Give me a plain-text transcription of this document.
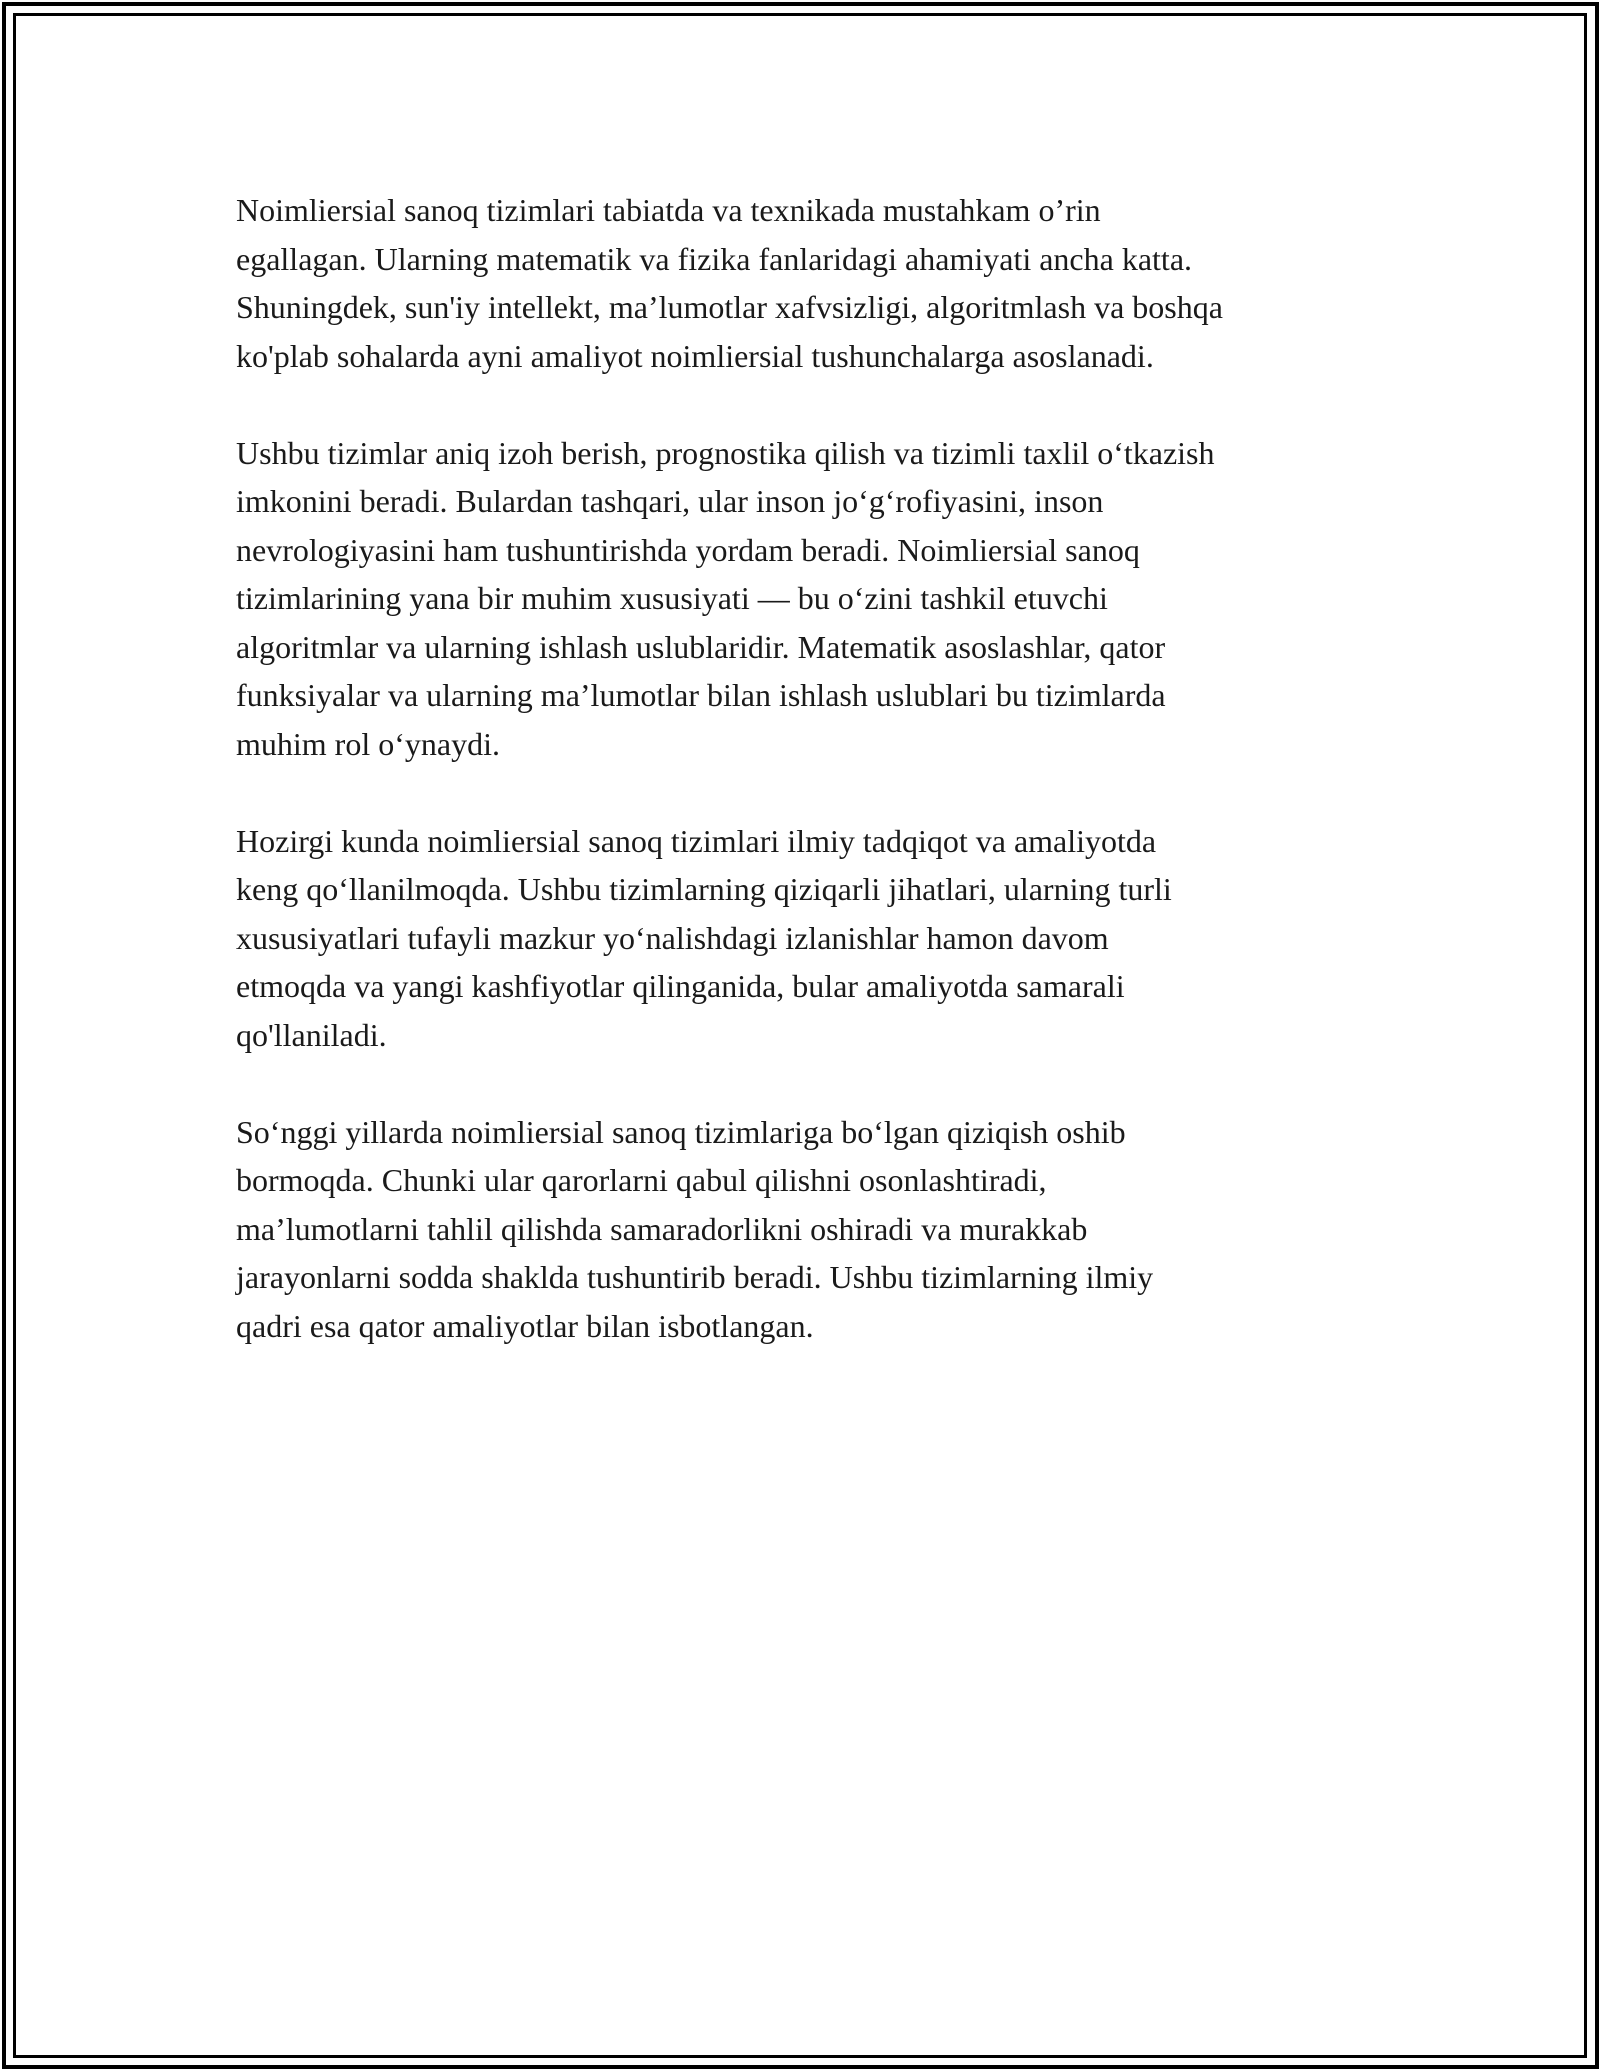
Noimliersial sanoq tizimlari tabiatda va texnikada mustahkam o’rin
egallagan. Ularning matematik va fizika fanlaridagi ahamiyati ancha katta.
Shuningdek, sun'iy intellekt, ma’lumotlar xafvsizligi, algoritmlash va boshqa
ko'plab sohalarda ayni amaliyot noimliersial tushunchalarga asoslanadi.

Ushbu tizimlar aniq izoh berish, prognostika qilish va tizimli taxlil o‘tkazish
imkonini beradi. Bulardan tashqari, ular inson jo‘g‘rofiyasini, inson
nevrologiyasini ham tushuntirishda yordam beradi. Noimliersial sanoq
tizimlarining yana bir muhim xususiyati — bu o‘zini tashkil etuvchi
algoritmlar va ularning ishlash uslublaridir. Matematik asoslashlar, qator
funksiyalar va ularning ma’lumotlar bilan ishlash uslublari bu tizimlarda
muhim rol o‘ynaydi.

Hozirgi kunda noimliersial sanoq tizimlari ilmiy tadqiqot va amaliyotda
keng qo‘llanilmoqda. Ushbu tizimlarning qiziqarli jihatlari, ularning turli
xususiyatlari tufayli mazkur yo‘nalishdagi izlanishlar hamon davom
etmoqda va yangi kashfiyotlar qilinganida, bular amaliyotda samarali
qo'llaniladi.

So‘nggi yillarda noimliersial sanoq tizimlariga bo‘lgan qiziqish oshib
bormoqda. Chunki ular qarorlarni qabul qilishni osonlashtiradi,
ma’lumotlarni tahlil qilishda samaradorlikni oshiradi va murakkab
jarayonlarni sodda shaklda tushuntirib beradi. Ushbu tizimlarning ilmiy
qadri esa qator amaliyotlar bilan isbotlangan.
